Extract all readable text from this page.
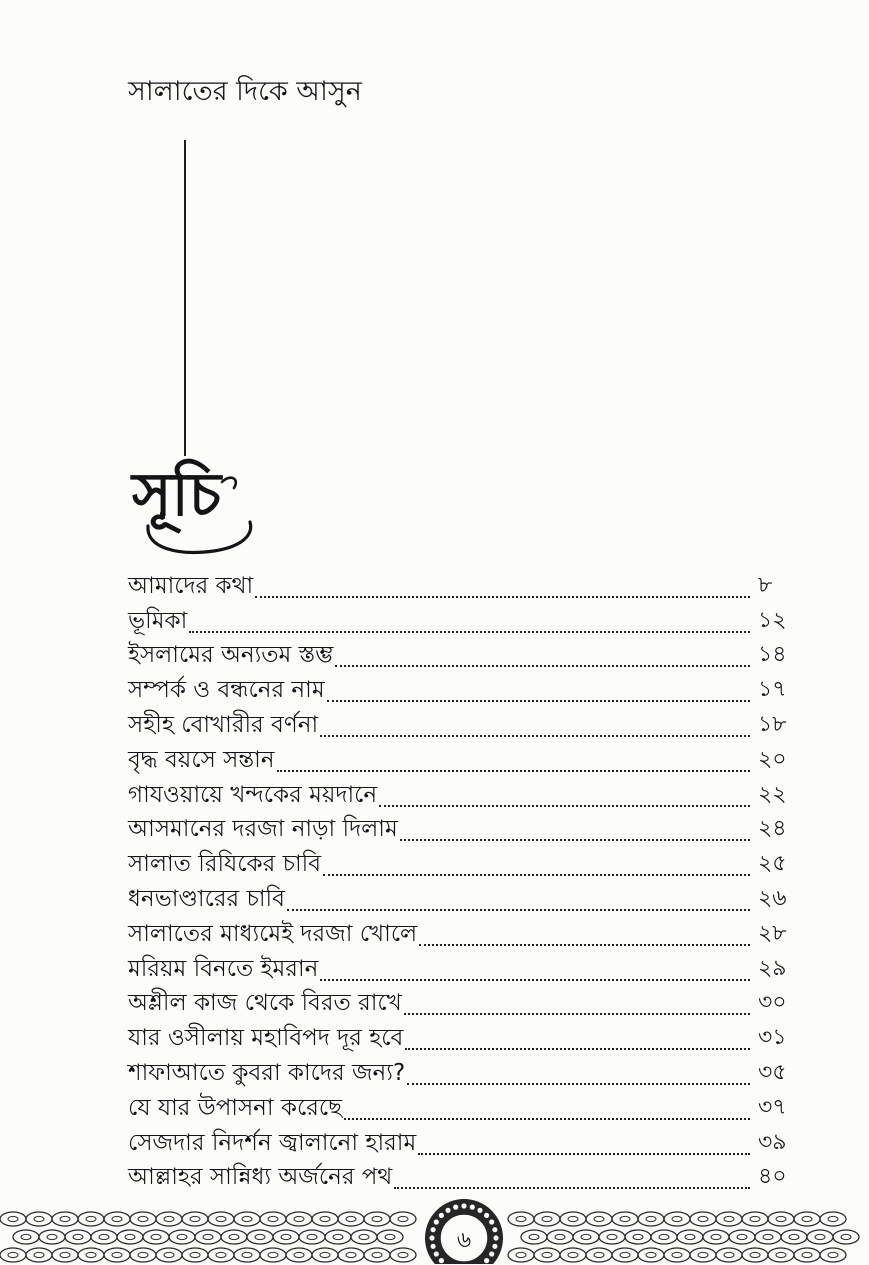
সালাতের দিকে আসুন
সূচি
আমাদের কথা	৮
ভূমিকা	১২
ইসলামের অন্যতম স্তম্ভ	১৪
সম্পর্ক ও বন্ধনের নাম	১৭
সহীহ বোখারীর বর্ণনা	১৮
বৃদ্ধ বয়সে সন্তান	২০
গাযওয়ায়ে খন্দকের ময়দানে	২২
আসমানের দরজা নাড়া দিলাম	২৪
সালাত রিযিকের চাবি	২৫
ধনভাণ্ডারের চাবি	২৬
সালাতের মাধ্যমেই দরজা খোলে	২৮
মরিয়ম বিনতে ইমরান	২৯
অশ্লীল কাজ থেকে বিরত রাখে	৩০
যার ওসীলায় মহাবিপদ দূর হবে	৩১
শাফাআতে কুবরা কাদের জন্য?	৩৫
যে যার উপাসনা করেছে	৩৭
সেজদার নিদর্শন জ্বালানো হারাম	৩৯
আল্লাহর সান্নিধ্য অর্জনের পথ	৪০
৬
